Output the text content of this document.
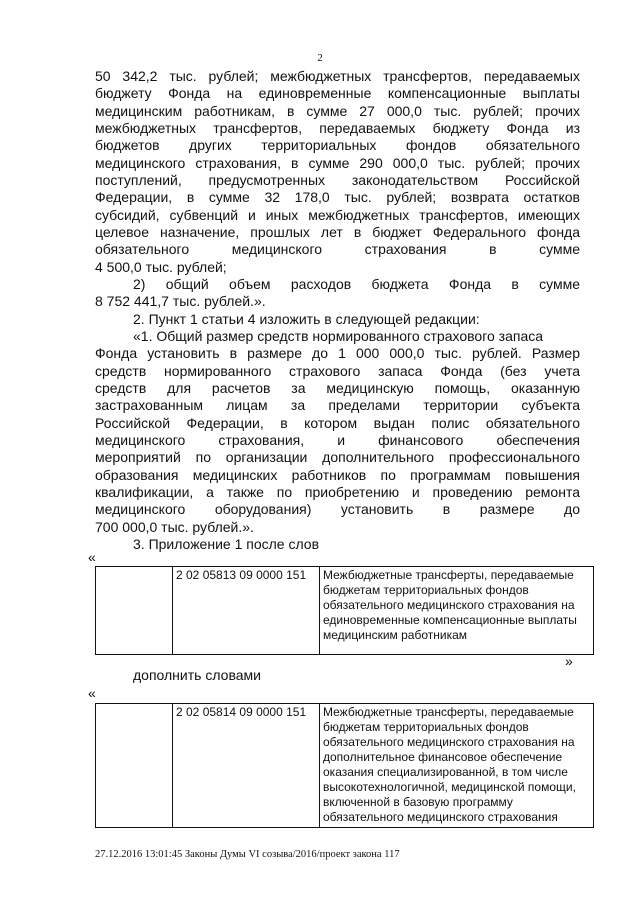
2
50 342,2 тыс. рублей; межбюджетных трансфертов, передаваемых
бюджету Фонда на единовременные компенсационные выплаты
медицинским работникам, в сумме 27 000,0 тыс. рублей; прочих
межбюджетных трансфертов, передаваемых бюджету Фонда из
бюджетов других территориальных фондов обязательного
медицинского страхования, в сумме 290 000,0 тыс. рублей; прочих
поступлений, предусмотренных законодательством Российской
Федерации, в сумме 32 178,0 тыс. рублей; возврата остатков
субсидий, субвенций и иных межбюджетных трансфертов, имеющих
целевое назначение, прошлых лет в бюджет Федерального фонда
обязательного медицинского страхования в сумме
4 500,0 тыс. рублей;
2) общий объем расходов бюджета Фонда в сумме
8 752 441,7 тыс. рублей.».
2. Пункт 1 статьи 4 изложить в следующей редакции:
«1. Общий размер средств нормированного страхового запаса
Фонда установить в размере до 1 000 000,0 тыс. рублей. Размер
средств нормированного страхового запаса Фонда (без учета
средств для расчетов за медицинскую помощь, оказанную
застрахованным лицам за пределами территории субъекта
Российской Федерации, в котором выдан полис обязательного
медицинского страхования, и финансового обеспечения
мероприятий по организации дополнительного профессионального
образования медицинских работников по программам повышения
квалификации, а также по приобретению и проведению ремонта
медицинского оборудования) установить в размере до
700 000,0 тыс. рублей.».
3. Приложение 1 после слов
«
	2 02 05813 09 0000 151	Межбюджетные трансферты, передаваемые
бюджетам территориальных фондов
обязательного медицинского страхования на
единовременные компенсационные выплаты
медицинским работникам
»
дополнить словами
«
	2 02 05814 09 0000 151	Межбюджетные трансферты, передаваемые
бюджетам территориальных фондов
обязательного медицинского страхования на
дополнительное финансовое обеспечение
оказания специализированной, в том числе
высокотехнологичной, медицинской помощи,
включенной в базовую программу
обязательного медицинского страхования
27.12.2016 13:01:45 Законы Думы VI созыва/2016/проект закона 117
